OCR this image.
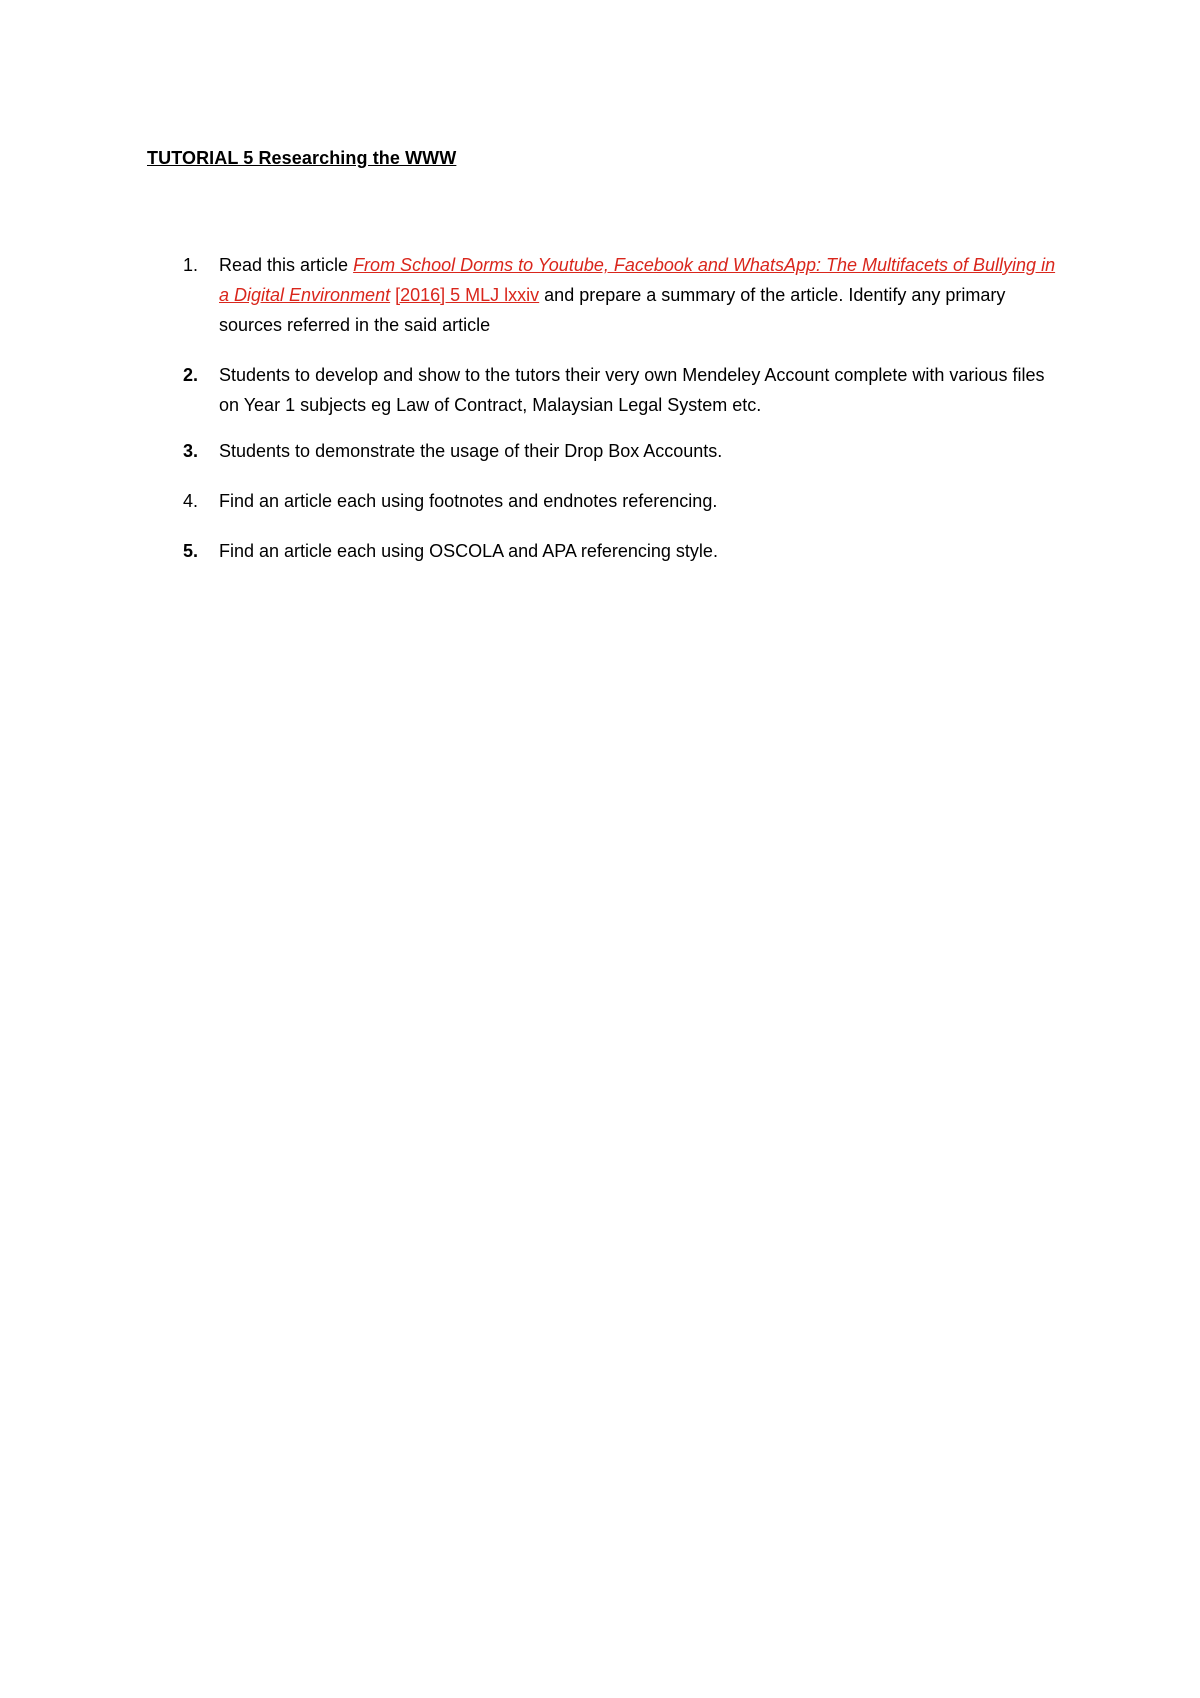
TUTORIAL 5 Researching the WWW
1. Read this article From School Dorms to Youtube, Facebook and WhatsApp: The Multifacets of Bullying in a Digital Environment [2016] 5 MLJ lxxiv and prepare a summary of the article. Identify any primary sources referred in the said article
2. Students to develop and show to the tutors their very own Mendeley Account complete with various files on Year 1 subjects eg Law of Contract, Malaysian Legal System etc.
3. Students to demonstrate the usage of their Drop Box Accounts.
4. Find an article each using footnotes and endnotes referencing.
5. Find an article each using OSCOLA and APA referencing style.
